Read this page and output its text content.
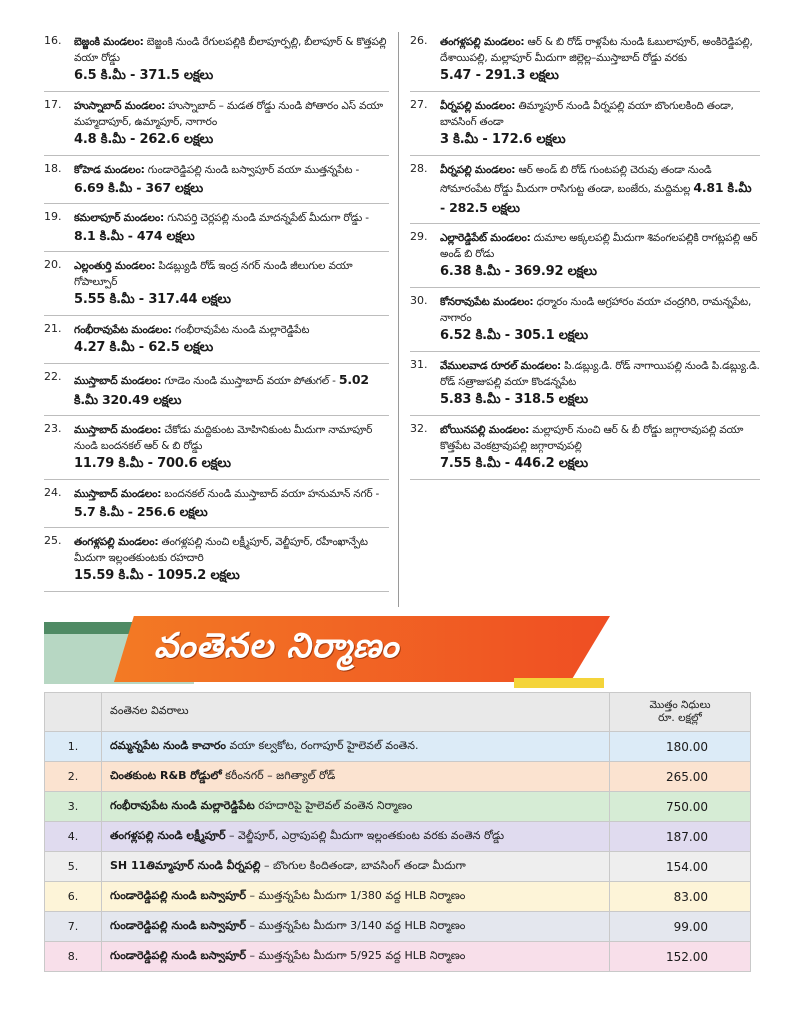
16. బెజ్జంకి మండలం: బెజ్జంకి నుండి రేగులపల్లికి బీలాపూర్పల్లి, బీలాపూర్ & కొత్తపల్లి వయా రోడ్డు
6.5 కి.మీ - 371.5 లక్షలు
17. హుస్నాబాద్ మండలం: హుస్నాబాద్ – మడత రోడ్డు నుండి పోతారం ఎస్ వయా మహ్మదాపూర్, ఉమ్మాపూర్, నాగారం
4.8 కి.మీ - 262.6 లక్షలు
18. కోహెడ మండలం: గుండారెడ్డిపల్లి నుండి బస్వాపూర్ వయా ముత్తన్నపేట - 6.69 కి.మీ - 367 లక్షలు
19. కమలాపూర్ మండలం: గునిపర్తి చెర్లపల్లి నుండి మాదన్నపేట్ మీదుగా రోడ్డు - 8.1 కి.మీ - 474 లక్షలు
20. ఎల్లంతుర్తి మండలం: పిడబ్ల్యుడి రోడ్ ఇంద్ర నగర్ నుండి జీలుగుల వయా గోపాల్పూర్
5.55 కి.మీ - 317.44 లక్షలు
21. గంభీరావుపేట మండలం: గంభీరావుపేట నుండి మల్లారెడ్డిపేట
4.27 కి.మీ - 62.5 లక్షలు
22. ముస్తాబాద్ మండలం: గూడెం నుండి ముస్తాబాద్ వయా పోతుగల్ - 5.02 కి.మీ 320.49 లక్షలు
23. ముస్తాబాద్ మండలం: చేకోడు మద్దికుంట మోహినికుంట మీదుగా నామాపూర్ నుండి బందనకల్ ఆర్ & బి రోడ్డు
11.79 కి.మీ - 700.6 లక్షలు
24. ముస్తాబాద్ మండలం: బందనకల్ నుండి ముస్తాబాద్ వయా హనుమాన్ నగర్ - 5.7 కి.మీ - 256.6 లక్షలు
25. తంగళ్లపల్లి మండలం: తంగళ్లపల్లి నుంచి లక్ష్మీపూర్, వెల్జీపూర్, రహీంఖాన్పేట మీదుగా ఇల్లంతకుంటకు రహదారి
15.59 కి.మీ - 1095.2 లక్షలు
26. తంగళ్లపల్లి మండలం: ఆర్ & బి రోడ్ రాళ్లపేట నుండి ఓబులాపూర్, అంకిరెడ్డిపల్లి, దేశాయిపల్లి, మల్లాపూర్ మీదుగా జిల్లెల్ల–ముస్తాబాద్ రోడ్డు వరకు
5.47 - 291.3 లక్షలు
27. వీర్నపల్లి మండలం: తిమ్మాపూర్ నుండి వీర్నపల్లి వయా బొంగులకింది తండా, బావసింగ్ తండా
3 కి.మీ - 172.6 లక్షలు
28. వీర్నపల్లి మండలం: ఆర్ అండ్ బి రోడ్ గుంటపల్లి చెరువు తండా నుండి సోమారంపేట రోడ్డు మీదుగా రాసిగుట్ట తండా, బంజేరు, మద్దిమల్ల 4.81 కి.మీ - 282.5 లక్షలు
29. ఎల్లారెడ్డిపేట్ మండలం: దుమాల అక్కలపల్లి మీదుగా శివంగలపల్లికి రాగట్లపల్లి ఆర్ అండ్ బి రోడు
6.38 కి.మీ - 369.92 లక్షలు
30. కోనరావుపేట మండలం: ధర్మారం నుండి అగ్రహారం వయా చంద్రగిరి, రామన్నపేట, నాగారం
6.52 కి.మీ - 305.1 లక్షలు
31. వేములవాడ రూరల్ మండలం: పి.డబ్ల్యు.డి. రోడ్ నాగాయిపల్లి నుండి పి.డబ్ల్యు.డి. రోడ్ సత్రాజుపల్లి వయా కొండన్నపేట
5.83 కి.మీ - 318.5 లక్షలు
32. బోయినపల్లి మండలం: మల్లాపూర్ నుంచి ఆర్ & బీ రోడ్డు జగ్గారావుపల్లి వయా కొత్తపేట వెంకట్రావుపల్లి జగ్గారావుపల్లి
7.55 కి.మీ - 446.2 లక్షలు
వంతెనల నిర్మాణం
	వంతెనల వివరాలు	మొత్తం నిధులు
రూ. లక్షల్లో
1.	దమ్మన్నపేట నుండి కాచారం వయా కల్వకోట, రంగాపూర్ హైలెవల్ వంతెన.	180.00
2.	చింతకుంట R&B రోడ్డులో కరీంనగర్ – జగిత్యాల్ రోడ్	265.00
3.	గంభీరావుపేట నుండి మల్లారెడ్డిపేట రహదారిపై హైలెవల్ వంతెన నిర్మాణం	750.00
4.	తంగళ్లపల్లి నుండి లక్ష్మీపూర్ – వెల్జీపూర్, ఎర్రాపుపల్లి మీదుగా ఇల్లంతకుంట వరకు వంతెన రోడ్డు	187.00
5.	SH 11తిమ్మాపూర్ నుండి వీర్నపల్లి – బొంగుల కిందితండా, బావసింగ్ తండా మీదుగా	154.00
6.	గుండారెడ్డిపల్లి నుండి బస్వాపూర్ – ముత్తన్నపేట మీదుగా 1/380 వద్ద HLB నిర్మాణం	83.00
7.	గుండారెడ్డిపల్లి నుండి బస్వాపూర్ – ముత్తన్నపేట మీదుగా 3/140 వద్ద HLB నిర్మాణం	99.00
8.	గుండారెడ్డిపల్లి నుండి బస్వాపూర్ – ముత్తన్నపేట మీదుగా 5/925 వద్ద HLB నిర్మాణం	152.00
